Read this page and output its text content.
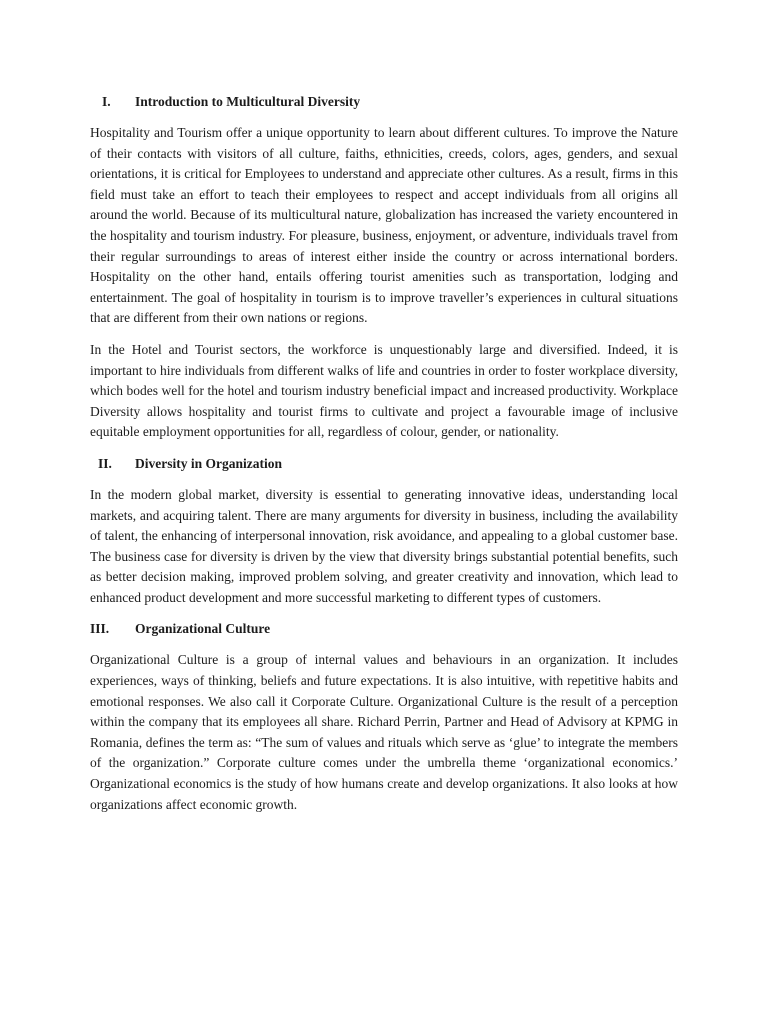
I.	Introduction to Multicultural Diversity

Hospitality and Tourism offer a unique opportunity to learn about different cultures. To improve the Nature of their contacts with visitors of all culture, faiths, ethnicities, creeds, colors, ages, genders, and sexual orientations, it is critical for Employees to understand and appreciate other cultures. As a result, firms in this field must take an effort to teach their employees to respect and accept individuals from all origins all around the world. Because of its multicultural nature, globalization has increased the variety encountered in the hospitality and tourism industry. For pleasure, business, enjoyment, or adventure, individuals travel from their regular surroundings to areas of interest either inside the country or across international borders. Hospitality on the other hand, entails offering tourist amenities such as transportation, lodging and entertainment. The goal of hospitality in tourism is to improve traveller’s experiences in cultural situations that are different from their own nations or regions.

In the Hotel and Tourist sectors, the workforce is unquestionably large and diversified. Indeed, it is important to hire individuals from different walks of life and countries in order to foster workplace diversity, which bodes well for the hotel and tourism industry beneficial impact and increased productivity. Workplace Diversity allows hospitality and tourist firms to cultivate and project a favourable image of inclusive equitable employment opportunities for all, regardless of colour, gender, or nationality.

II.	Diversity in Organization

In the modern global market, diversity is essential to generating innovative ideas, understanding local markets, and acquiring talent. There are many arguments for diversity in business, including the availability of talent, the enhancing of interpersonal innovation, risk avoidance, and appealing to a global customer base. The business case for diversity is driven by the view that diversity brings substantial potential benefits, such as better decision making, improved problem solving, and greater creativity and innovation, which lead to enhanced product development and more successful marketing to different types of customers.

III.	Organizational Culture

Organizational Culture is a group of internal values and behaviours in an organization. It includes experiences, ways of thinking, beliefs and future expectations. It is also intuitive, with repetitive habits and emotional responses. We also call it Corporate Culture. Organizational Culture is the result of a perception within the company that its employees all share. Richard Perrin, Partner and Head of Advisory at KPMG in Romania, defines the term as: “The sum of values and rituals which serve as ‘glue’ to integrate the members of the organization.” Corporate culture comes under the umbrella theme ‘organizational economics.’ Organizational economics is the study of how humans create and develop organizations. It also looks at how organizations affect economic growth.
